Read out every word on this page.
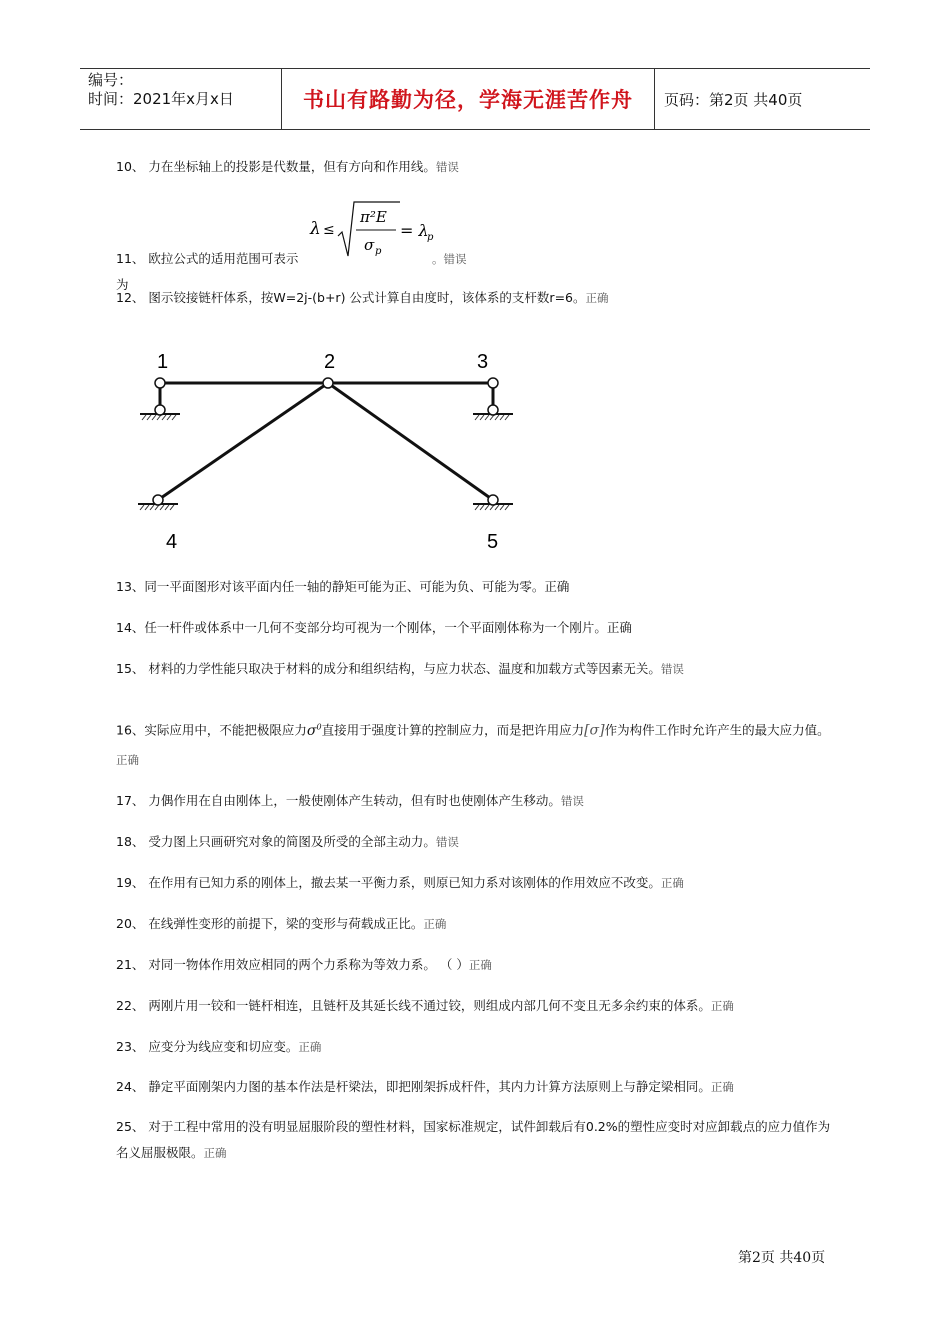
编号：
时间：2021年x月x日	书山有路勤为径，学海无涯苦作舟	页码：第2页 共40页
10、 力在坐标轴上的投影是代数量，但有方向和作用线。错误
λ ≤
π²E
σ p
= λ
p
11、 欧拉公式的适用范围可表示为
。错误
12、 图示铰接链杆体系，按W=2j-(b+r) 公式计算自由度时，该体系的支杆数r=6。正确
1	2	3
4	5
13、同一平面图形对该平面内任一轴的静矩可能为正、可能为负、可能为零。正确
14、任一杆件或体系中一几何不变部分均可视为一个刚体，一个平面刚体称为一个刚片。正确
15、 材料的力学性能只取决于材料的成分和组织结构，与应力状态、温度和加载方式等因素无关。错误
16、实际应用中，不能把极限应力$\sigma^0$直接用于强度计算的控制应力，而是把许用应力[σ]作为构件工作时允许产生的最大应力值。
正确
17、 力偶作用在自由刚体上，一般使刚体产生转动，但有时也使刚体产生移动。错误
18、 受力图上只画研究对象的简图及所受的全部主动力。错误
19、 在作用有已知力系的刚体上，撤去某一平衡力系，则原已知力系对该刚体的作用效应不改变。正确
20、 在线弹性变形的前提下，梁的变形与荷载成正比。正确
21、 对同一物体作用效应相同的两个力系称为等效力系。 （ ）正确
22、 两刚片用一铰和一链杆相连，且链杆及其延长线不通过铰，则组成内部几何不变且无多余约束的体系。正确
23、 应变分为线应变和切应变。正确
24、 静定平面刚架内力图的基本作法是杆梁法，即把刚架拆成杆件，其内力计算方法原则上与静定梁相同。正确
25、 对于工程中常用的没有明显屈服阶段的塑性材料，国家标准规定，试件卸载后有0.2%的塑性应变时对应卸载点的应力值作为
名义屈服极限。正确
第2页 共40页
